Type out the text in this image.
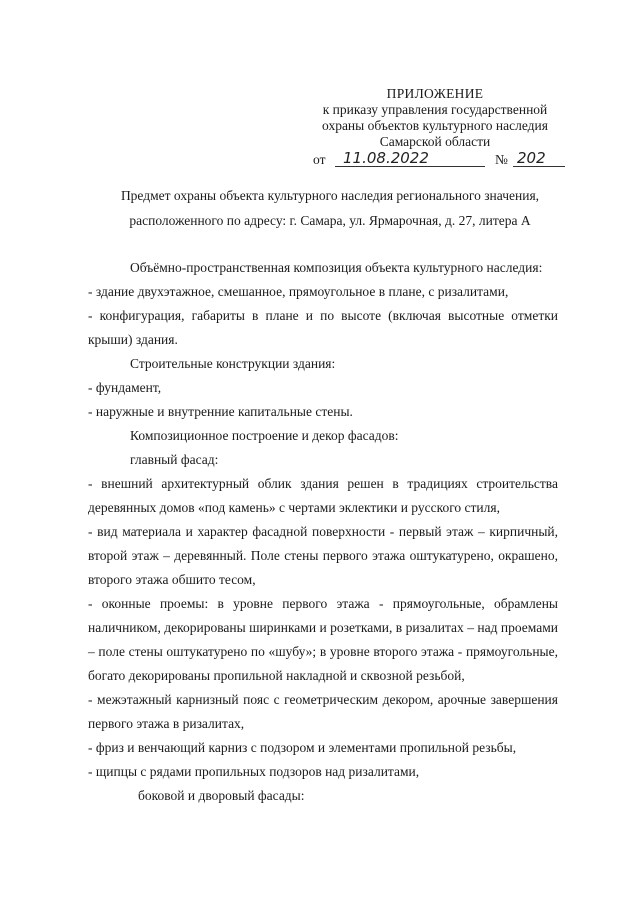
ПРИЛОЖЕНИЕ
к приказу управления государственной
охраны объектов культурного наследия
Самарской области
от 11.08.2022	№ 202
Предмет охраны объекта культурного наследия регионального значения,
расположенного по адресу: г. Самара, ул. Ярмарочная, д. 27, литера А

Объёмно-пространственная композиция объекта культурного наследия:

- здание двухэтажное, смешанное, прямоугольное в плане, с ризалитами,

- конфигурация, габариты в плане и по высоте (включая высотные отметки крыши) здания.

Строительные конструкции здания:

- фундамент,

- наружные и внутренние капитальные стены.

Композиционное построение и декор фасадов:

главный фасад:

- внешний архитектурный облик здания решен в традициях строительства деревянных домов «под камень» с чертами эклектики и русского стиля,

- вид материала и характер фасадной поверхности - первый этаж – кирпичный, второй этаж – деревянный. Поле стены первого этажа оштукатурено, окрашено, второго этажа обшито тесом,

- оконные проемы: в уровне первого этажа - прямоугольные, обрамлены наличником, декорированы ширинками и розетками, в ризалитах – над проемами – поле стены оштукатурено по «шубу»; в уровне второго этажа - прямоугольные, богато декорированы пропильной накладной и сквозной резьбой,

- межэтажный карнизный пояс с геометрическим декором, арочные завершения первого этажа в ризалитах,

- фриз и венчающий карниз с подзором и элементами пропильной резьбы,

- щипцы с рядами пропильных подзоров над ризалитами,

боковой и дворовый фасады:
